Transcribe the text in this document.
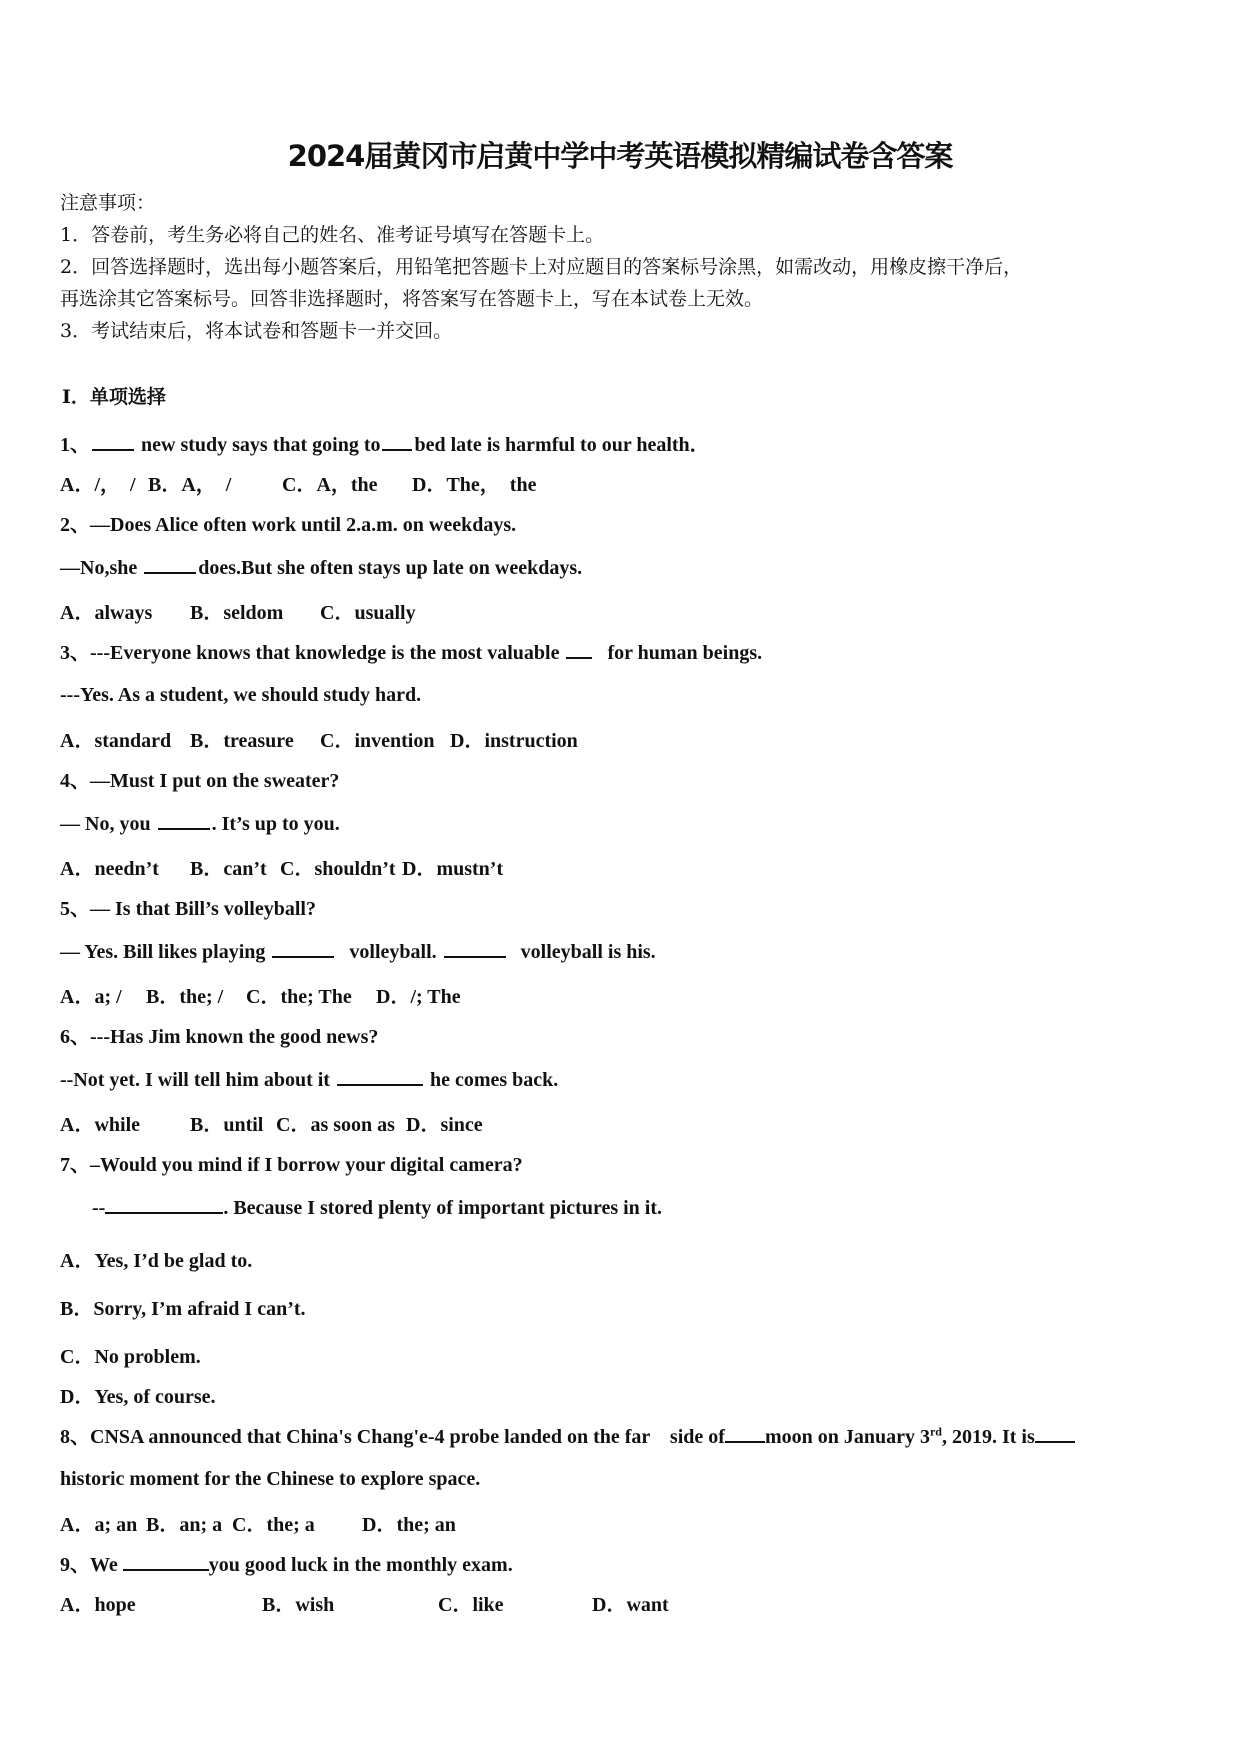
2024届黄冈市启黄中学中考英语模拟精编试卷含答案
注意事项：
1．答卷前，考生务必将自己的姓名、准考证号填写在答题卡上。
2．回答选择题时，选出每小题答案后，用铅笔把答题卡上对应题目的答案标号涂黑，如需改动，用橡皮擦干净后，
再选涂其它答案标号。回答非选择题时，将答案写在答题卡上，写在本试卷上无效。
3．考试结束后，将本试卷和答题卡一并交回。
Ⅰ．单项选择
1、 new study says that going to bed late is harmful to our health．
A．/，　/ B．A，　/	C．A，the D．The，　the
2、—Does Alice often work until 2.a.m. on weekdays.
—No,she	does.But she often stays up late on weekdays.
A．always B．seldom C．usually
3、---Everyone knows that knowledge is the most valuable  for human beings.
---Yes. As a student, we should study hard.
A．standard B．treasure C．invention D．instruction
4、—Must I put on the sweater?
— No, you	. It’s up to you.
A．needn’t B．can’t C．shouldn’t D．mustn’t
5、— Is that Bill’s volleyball?
— Yes. Bill likes playing	volleyball.	volleyball is his.
A．a; / B．the; / C．the; The D．/; The
6、---Has Jim known the good news?
--Not yet. I will tell him about it	he comes back.
A．while	B．until C．as soon as D．since
7、–Would you mind if I borrow your digital camera?
--	. Because I stored plenty of important pictures in it.
A．Yes, I’d be glad to.
B．Sorry, I’m afraid I can’t.
C．No problem.
D．Yes, of course.
8、CNSA announced that China's Chang'e-4 probe landed on the far　side of moon on January 3rd, 2019. It is
historic moment for the Chinese to explore space.
A．a; an B．an; a C．the; a D．the; an
9、We	you good luck in the monthly exam.
A．hope	B．wish	C．like	D．want
